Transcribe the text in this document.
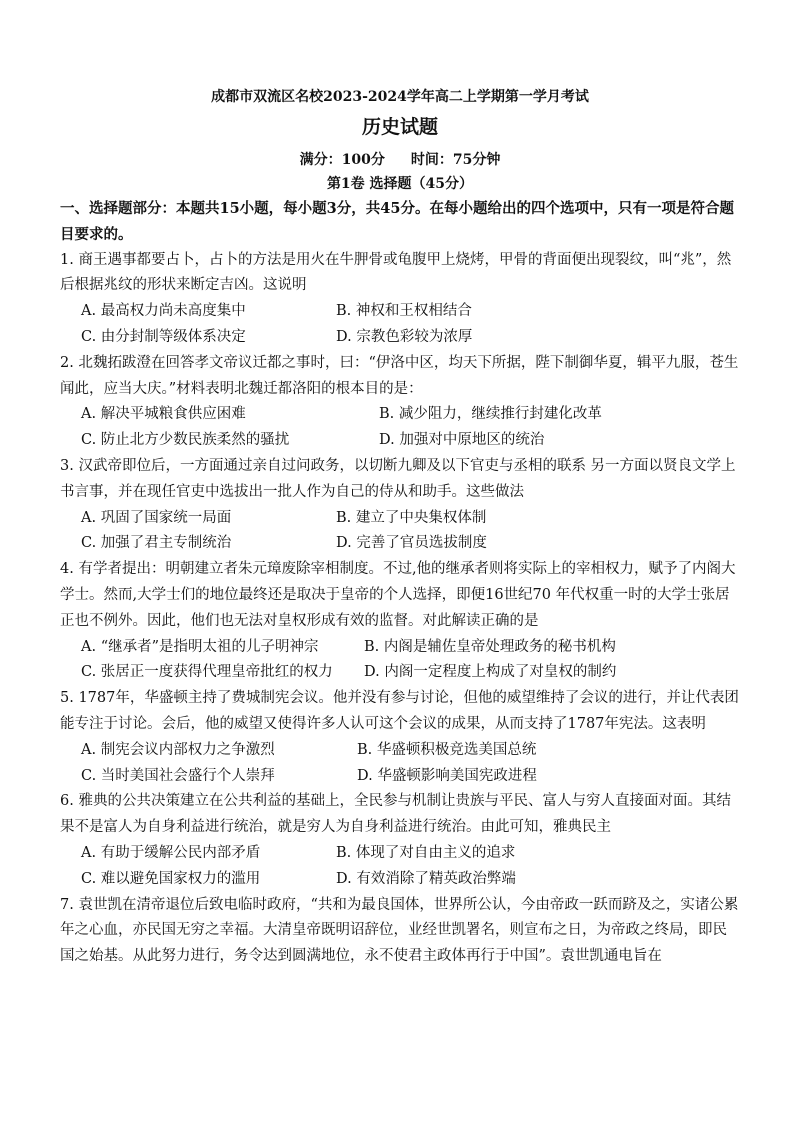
成都市双流区名校2023-2024学年高二上学期第一学月考试
历史试题
满分：100分 时间：75分钟
第1卷 选择题（45分）
一、选择题部分：本题共15小题，每小题3分，共45分。在每小题给出的四个选项中，只有一项是符合题目要求的。
1. 商王遇事都要占卜，占卜的方法是用火在牛胛骨或龟腹甲上烧烤，甲骨的背面便出现裂纹，叫“兆”，然后根据兆纹的形状来断定吉凶。这说明
A. 最高权力尚未高度集中	B. 神权和王权相结合
C. 由分封制等级体系决定	D. 宗教色彩较为浓厚
2. 北魏拓跋澄在回答孝文帝议迁都之事时，曰：“伊洛中区，均天下所据，陛下制御华夏，辑平九服，苍生闻此，应当大庆。”材料表明北魏迁都洛阳的根本目的是：
A. 解决平城粮食供应困难	B. 减少阻力，继续推行封建化改革
C. 防止北方少数民族柔然的骚扰	D. 加强对中原地区的统治
3. 汉武帝即位后，一方面通过亲自过问政务，以切断九卿及以下官吏与丞相的联系 另一方面以贤良文学上书言事，并在现任官吏中选拔出一批人作为自己的侍从和助手。这些做法
A. 巩固了国家统一局面	B. 建立了中央集权体制
C. 加强了君主专制统治	D. 完善了官员选拔制度
4. 有学者提出：明朝建立者朱元璋废除宰相制度。不过,他的继承者则将实际上的宰相权力，赋予了内阁大学士。然而,大学士们的地位最终还是取决于皇帝的个人选择，即便16世纪70 年代权重一时的大学士张居正也不例外。因此，他们也无法对皇权形成有效的监督。对此解读正确的是
A. “继承者”是指明太祖的儿子明神宗	B. 内阁是辅佐皇帝处理政务的秘书机构
C. 张居正一度获得代理皇帝批红的权力	D. 内阁一定程度上构成了对皇权的制约
5. 1787年，华盛顿主持了费城制宪会议。他并没有参与讨论，但他的威望维持了会议的进行，并让代表团能专注于讨论。会后，他的威望又使得许多人认可这个会议的成果，从而支持了1787年宪法。这表明
A. 制宪会议内部权力之争激烈	B. 华盛顿积极竞选美国总统
C. 当时美国社会盛行个人崇拜	D. 华盛顿影响美国宪政进程
6. 雅典的公共决策建立在公共利益的基础上，全民参与机制让贵族与平民、富人与穷人直接面对面。其结果不是富人为自身利益进行统治，就是穷人为自身利益进行统治。由此可知，雅典民主
A. 有助于缓解公民内部矛盾	B. 体现了对自由主义的追求
C. 难以避免国家权力的滥用	D. 有效消除了精英政治弊端
7. 袁世凯在清帝退位后致电临时政府，“共和为最良国体，世界所公认，今由帝政一跃而跻及之，实诸公累年之心血，亦民国无穷之幸福。大清皇帝既明诏辞位，业经世凯署名，则宣布之日，为帝政之终局，即民国之始基。从此努力进行，务令达到圆满地位，永不使君主政体再行于中国”。袁世凯通电旨在
